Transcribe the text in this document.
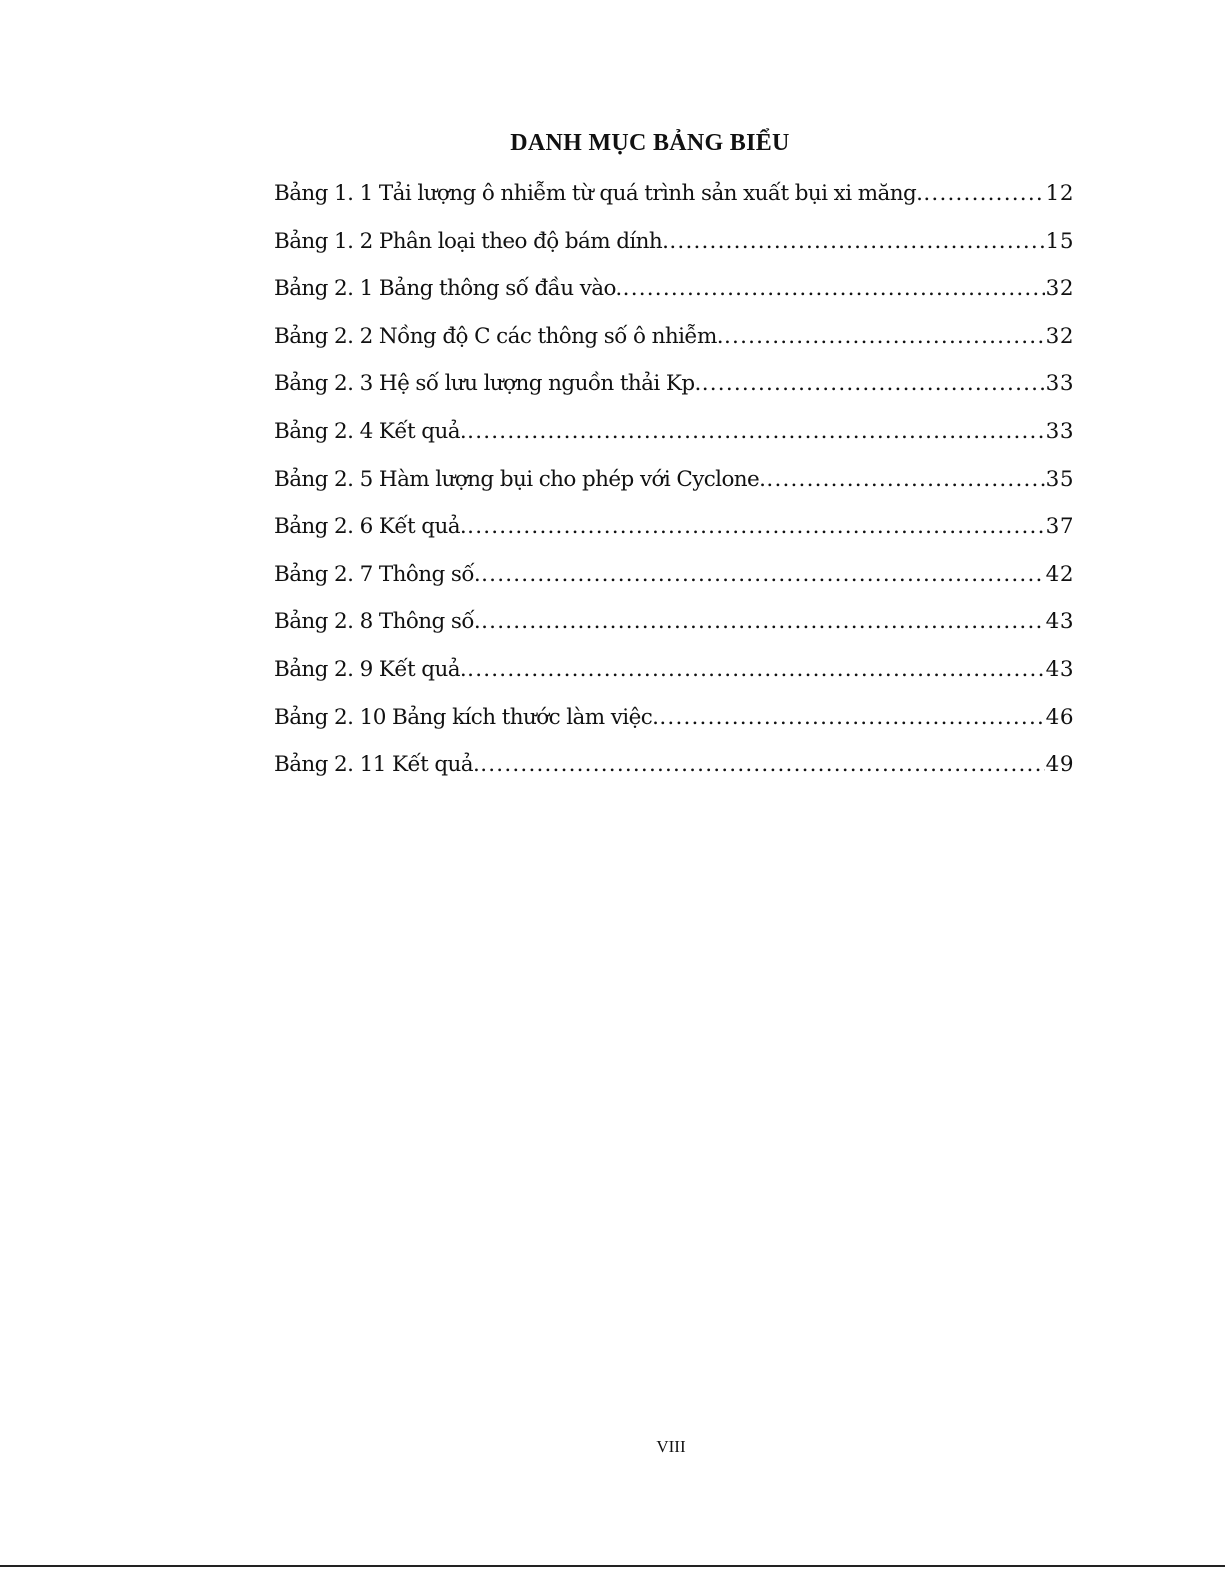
DANH MỤC BẢNG BIỂU
Bảng 1. 1 Tải lượng ô nhiễm từ quá trình sản xuất bụi xi măng. .....	12
Bảng 1. 2 Phân loại theo độ bám dính. .....	15
Bảng 2. 1 Bảng thông số đầu vào. .....	32
Bảng 2. 2 Nồng độ C các thông số ô nhiễm. .....	32
Bảng 2. 3 Hệ số lưu lượng nguồn thải Kp. .....	33
Bảng 2. 4 Kết quả. .....	33
Bảng 2. 5 Hàm lượng bụi cho phép với Cyclone. .....	35
Bảng 2. 6 Kết quả. .....	37
Bảng 2. 7 Thông số. .....	42
Bảng 2. 8 Thông số. .....	43
Bảng 2. 9 Kết quả. .....	43
Bảng 2. 10 Bảng kích thước làm việc. .....	46
Bảng 2. 11 Kết quả. .....	49
VIII
